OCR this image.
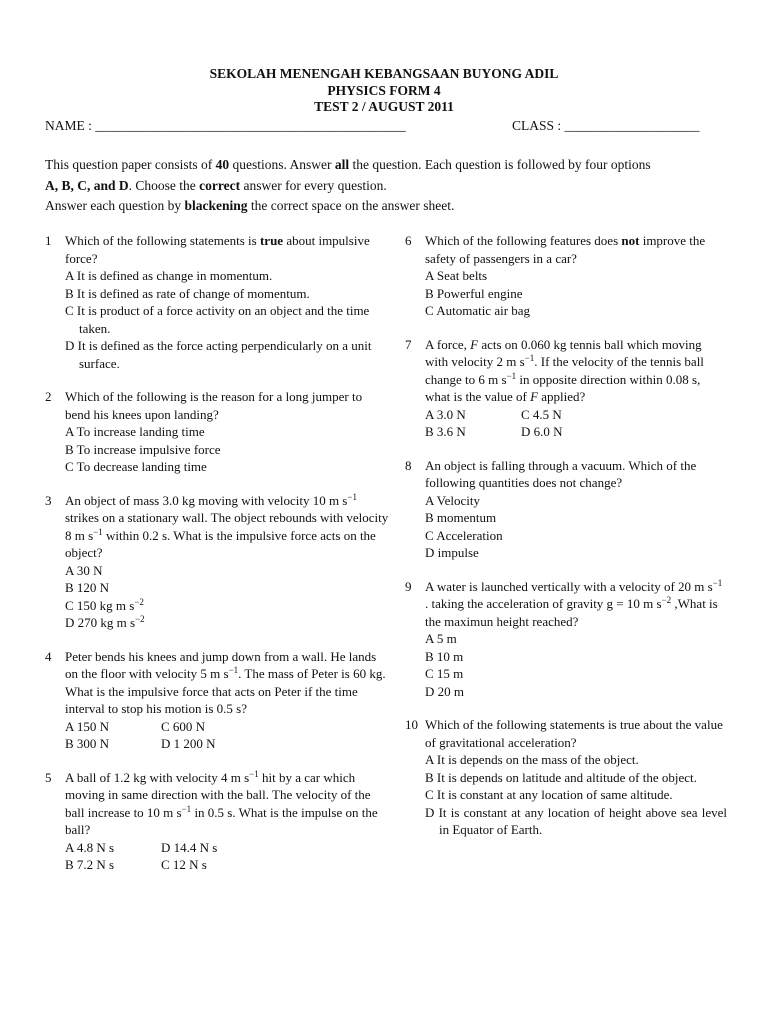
SEKOLAH MENENGAH KEBANGSAAN BUYONG ADIL
PHYSICS FORM 4
TEST 2 / AUGUST 2011
NAME : ______________________________________________	CLASS : ____________________

This question paper consists of 40 questions. Answer all the question. Each question is followed by four options

A, B, C, and D. Choose the correct answer for every question.

Answer each question by blackening the correct space on the answer sheet.

1 Which of the following statements is true about impulsive force?
A It is defined as change in momentum.
B It is defined as rate of change of momentum.
C It is product of a force activity on an object and the time taken.
D It is defined as the force acting perpendicularly on a unit surface.
2 Which of the following is the reason for a long jumper to bend his knees upon landing?
A To increase landing time
B To increase impulsive force
C To decrease landing time
3 An object of mass 3.0 kg moving with velocity 10 m $s^{-1}$ strikes on a stationary wall. The object rebounds with velocity 8 m $s^{-1}$ within 0.2 s. What is the impulsive force acts on the object?
A 30 N
B 120 N
C 150 kg m $s^{-2}$
D 270 kg m $s^{-2}$
4 Peter bends his knees and jump down from a wall. He lands on the floor with velocity 5 m $s^{-1}$. The mass of Peter is 60 kg. What is the impulsive force that acts on Peter if the time interval to stop his motion is 0.5 s?
A 150 N	C 600 N
B 300 N	D 1 200 N
5 A ball of 1.2 kg with velocity 4 m $s^{-1}$ hit by a car which moving in same direction with the ball. The velocity of the ball increase to 10 m $s^{-1}$ in 0.5 s. What is the impulse on the ball?
A 4.8 N s	D 14.4 N s
B 7.2 N s	C 12 N s
6 Which of the following features does not improve the safety of passengers in a car?
A Seat belts
B Powerful engine
C Automatic air bag
7 A force, F acts on 0.060 kg tennis ball which moving with velocity 2 m $s^{-1}$. If the velocity of the tennis ball change to 6 m $s^{-1}$ in opposite direction within 0.08 s, what is the value of F applied?
A 3.0 N	C 4.5 N
B 3.6 N	D 6.0 N
8 An object is falling through a vacuum. Which of the following quantities does not change?
A Velocity
B momentum
C Acceleration
D impulse
9 A water is launched vertically with a velocity of 20 m $s^{-1}$ . taking the acceleration of gravity g = 10 m $s^{-2}$ ,What is the maximun height reached?
A 5 m
B 10 m
C 15 m
D 20 m
10 Which of the following statements is true about the value of gravitational acceleration?
A It is depends on the mass of the object.
B It is depends on latitude and altitude of the object.
C It is constant at any location of same altitude.
D It is constant at any location of height above sea level in Equator of Earth.
